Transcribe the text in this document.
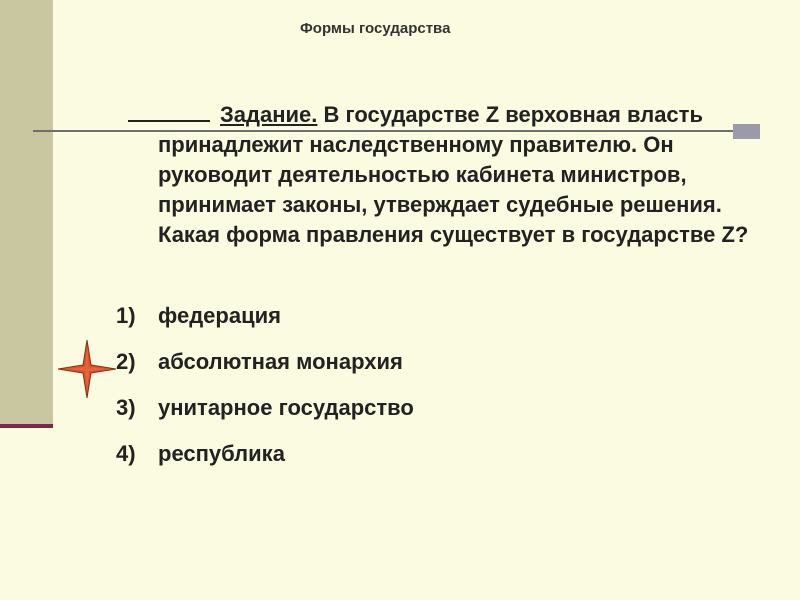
Формы государства
Задание. В государстве Z верховная власть принадлежит наследственному правителю. Он руководит деятельностью кабинета министров, принимает законы, утверждает судебные решения. Какая форма правления существует в государстве Z?
1)	федерация
2)	абсолютная монархия
3)	унитарное государство
4)	республика
